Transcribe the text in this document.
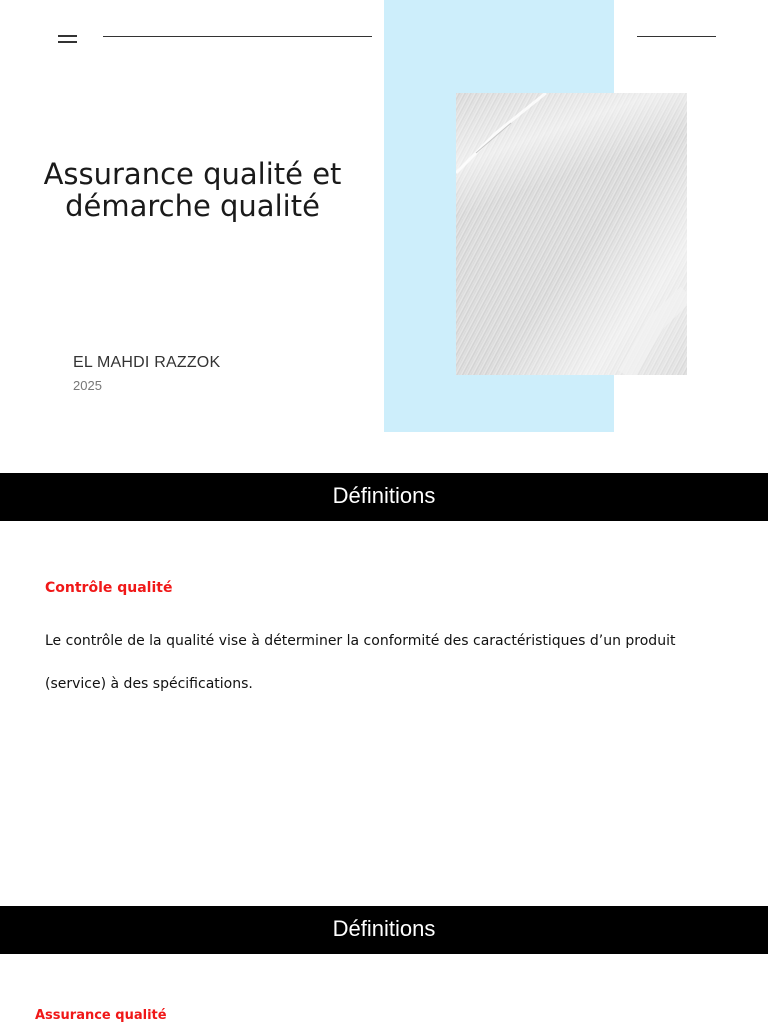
Assurance qualité et démarche qualité
EL MAHDI RAZZOK
2025
Définitions
Contrôle qualité
Le contrôle de la qualité vise à déterminer la conformité des caractéristiques d’un produit (service) à des spécifications.
Définitions
Assurance qualité
